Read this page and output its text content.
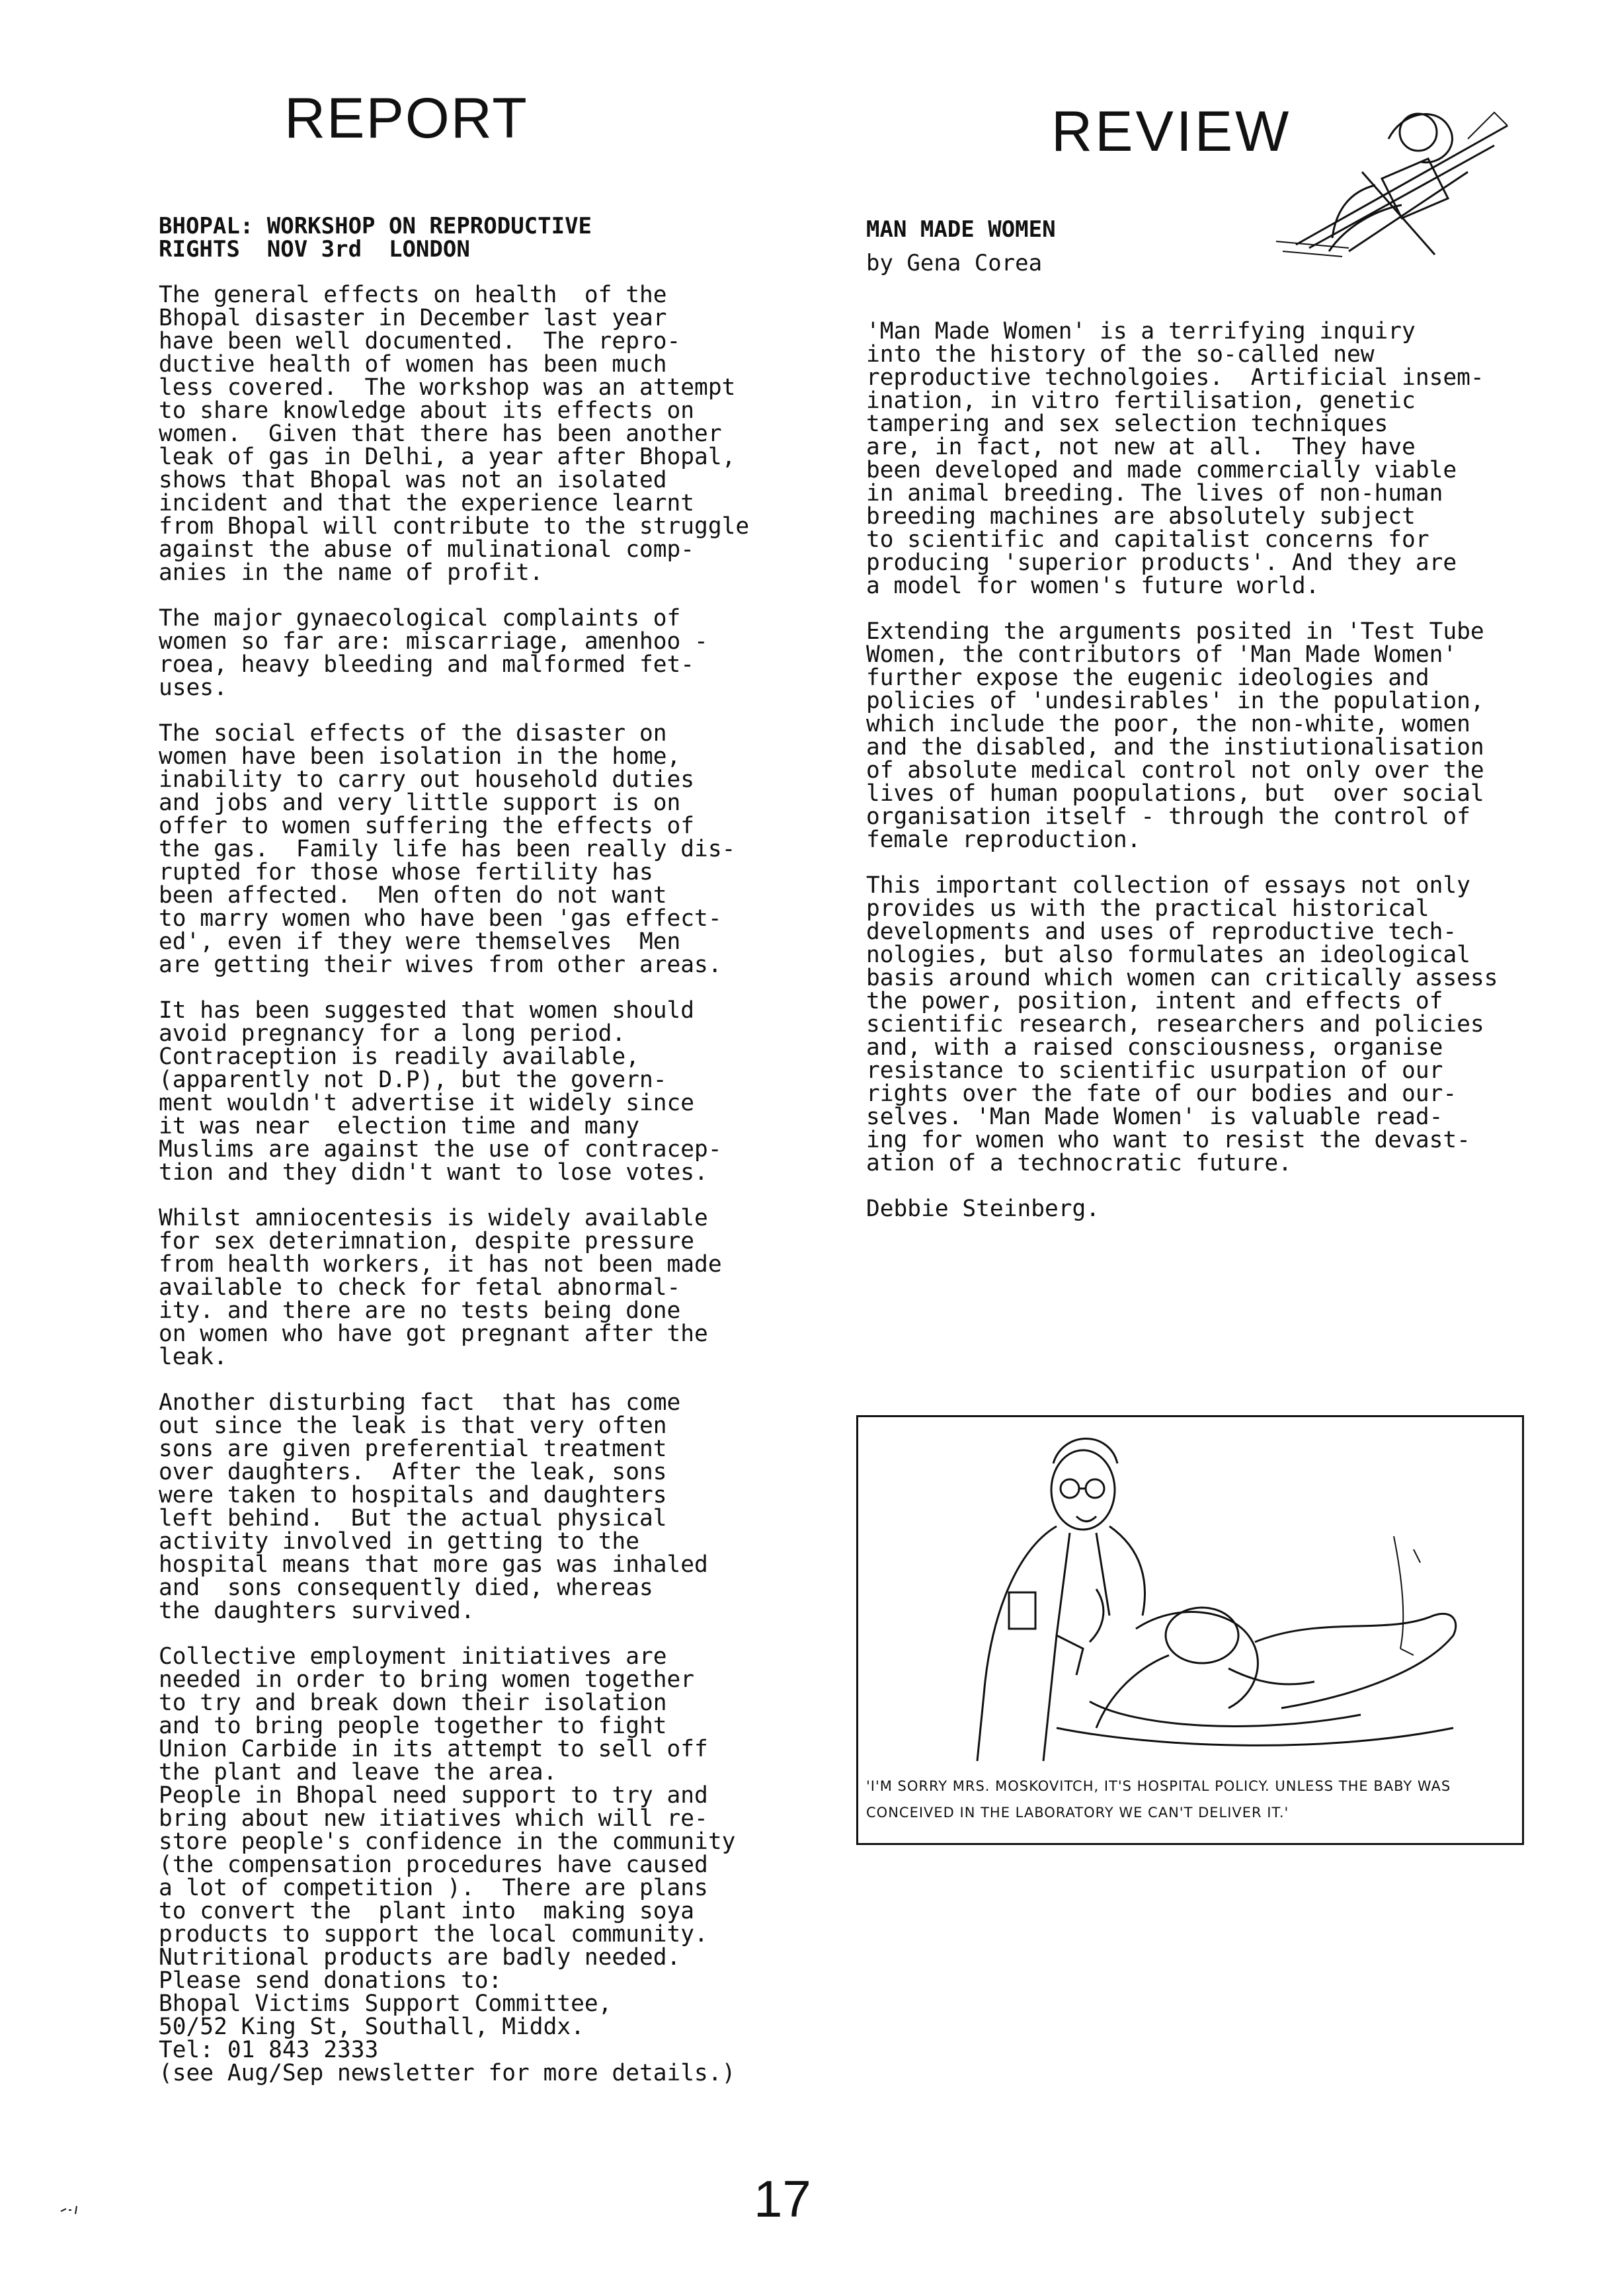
REPORT
BHOPAL: WORKSHOP ON REPRODUCTIVE
RIGHTS  NOV 3rd  LONDON

The general effects on health  of the
Bhopal disaster in December last year
have been well documented.  The repro-
ductive health of women has been much
less covered.  The workshop was an attempt
to share knowledge about its effects on
women.  Given that there has been another
leak of gas in Delhi, a year after Bhopal,
shows that Bhopal was not an isolated
incident and that the experience learnt
from Bhopal will contribute to the struggle
against the abuse of mulinational comp-
anies in the name of profit.

The major gynaecological complaints of
women so far are: miscarriage, amenhoo -
roea, heavy bleeding and malformed fet-
uses.

The social effects of the disaster on
women have been isolation in the home,
inability to carry out household duties
and jobs and very little support is on
offer to women suffering the effects of
the gas.  Family life has been really dis-
rupted for those whose fertility has
been affected.  Men often do not want
to marry women who have been 'gas effect-
ed', even if they were themselves  Men
are getting their wives from other areas.

It has been suggested that women should
avoid pregnancy for a long period.
Contraception is readily available,
(apparently not D.P), but the govern-
ment wouldn't advertise it widely since
it was near  election time and many
Muslims are against the use of contracep-
tion and they didn't want to lose votes.

Whilst amniocentesis is widely available
for sex deterimnation, despite pressure
from health workers, it has not been made
available to check for fetal abnormal-
ity. and there are no tests being done
on women who have got pregnant after the
leak.

Another disturbing fact  that has come
out since the leak is that very often
sons are given preferential treatment
over daughters.  After the leak, sons
were taken to hospitals and daughters
left behind.  But the actual physical
activity involved in getting to the
hospital means that more gas was inhaled
and  sons consequently died, whereas
the daughters survived.

Collective employment initiatives are
needed in order to bring women together
to try and break down their isolation
and to bring people together to fight
Union Carbide in its attempt to sell off
the plant and leave the area.
People in Bhopal need support to try and
bring about new itiatives which will re-
store people's confidence in the community
(the compensation procedures have caused
a lot of competition ).  There are plans
to convert the  plant into  making soya
products to support the local community.
Nutritional products are badly needed.
Please send donations to:
Bhopal Victims Support Committee,
50/52 King St, Southall, Middx.
Tel: 01 843 2333
(see Aug/Sep newsletter for more details.)

REVIEW
MAN MADE WOMEN
by Gena Corea

'Man Made Women' is a terrifying inquiry
into the history of the so-called new
reproductive technolgoies.  Artificial insem-
ination, in vitro fertilisation, genetic
tampering and sex selection techniques
are, in fact, not new at all.  They have
been developed and made commercially viable
in animal breeding. The lives of non-human
breeding machines are absolutely subject
to scientific and capitalist concerns for
producing 'superior products'. And they are
a model for women's future world.

Extending the arguments posited in 'Test Tube
Women, the contributors of 'Man Made Women'
further expose the eugenic ideologies and
policies of 'undesirables' in the population,
which include the poor, the non-white, women
and the disabled, and the instiutionalisation
of absolute medical control not only over the
lives of human poopulations, but  over social
organisation itself - through the control of
female reproduction.

This important collection of essays not only
provides us with the practical historical
developments and uses of reproductive tech-
nologies, but also formulates an ideological
basis around which women can critically assess
the power, position, intent and effects of
scientific research, researchers and policies
and, with a raised consciousness, organise
resistance to scientific usurpation of our
rights over the fate of our bodies and our-
selves. 'Man Made Women' is valuable read-
ing for women who want to resist the devast-
ation of a technocratic future.

Debbie Steinberg.

'I'M SORRY MRS. MOSKOVITCH, IT'S HOSPITAL POLICY. UNLESS THE BABY WAS CONCEIVED IN THE LABORATORY WE CAN'T DELIVER IT.'
17
